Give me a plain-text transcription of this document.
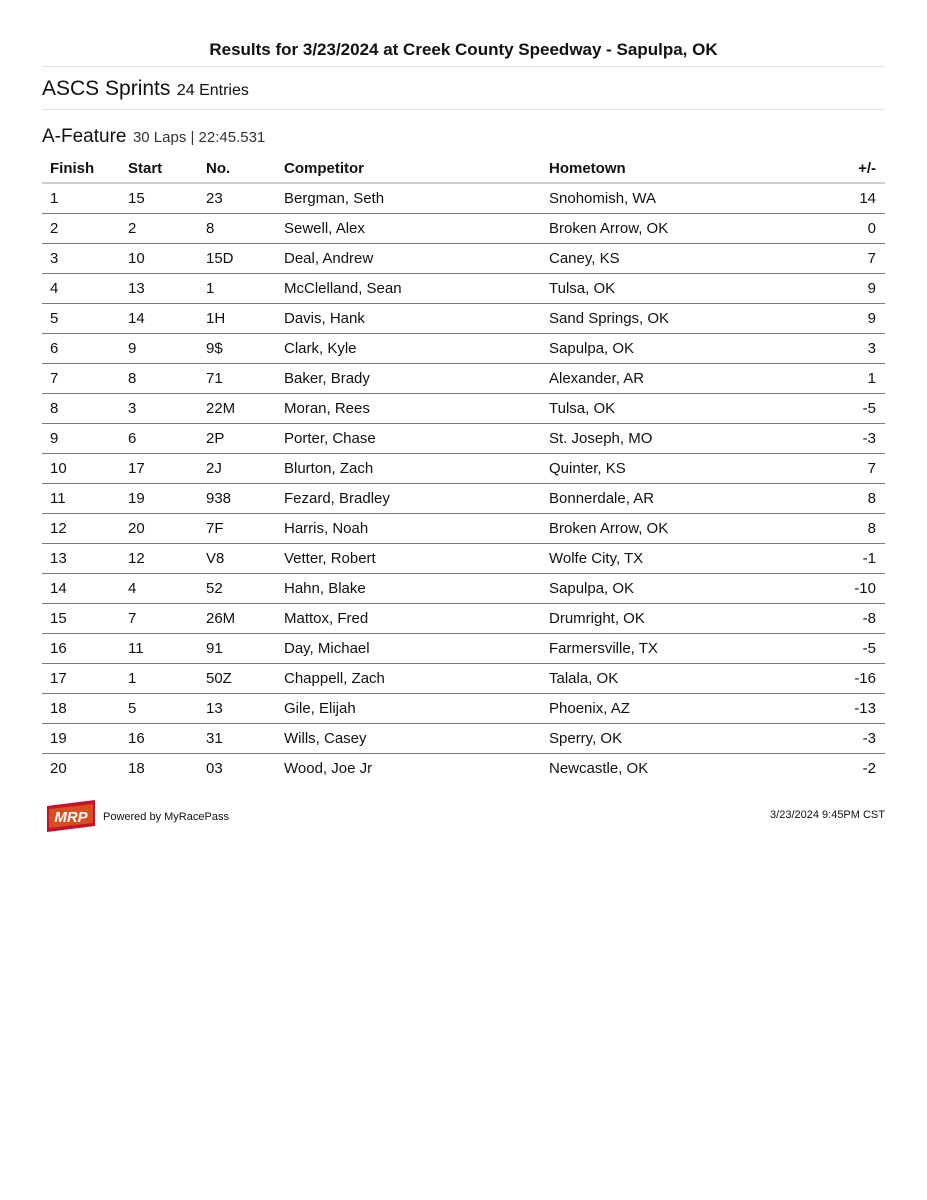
Results for 3/23/2024 at Creek County Speedway - Sapulpa, OK
ASCS Sprints 24 Entries
A-Feature 30 Laps | 22:45.531
Finish	Start	No.	Competitor	Hometown	+/-
1	15	23	Bergman, Seth	Snohomish, WA	14
2	2	8	Sewell, Alex	Broken Arrow, OK	0
3	10	15D	Deal, Andrew	Caney, KS	7
4	13	1	McClelland, Sean	Tulsa, OK	9
5	14	1H	Davis, Hank	Sand Springs, OK	9
6	9	9$	Clark, Kyle	Sapulpa, OK	3
7	8	71	Baker, Brady	Alexander, AR	1
8	3	22M	Moran, Rees	Tulsa, OK	-5
9	6	2P	Porter, Chase	St. Joseph, MO	-3
10	17	2J	Blurton, Zach	Quinter, KS	7
11	19	938	Fezard, Bradley	Bonnerdale, AR	8
12	20	7F	Harris, Noah	Broken Arrow, OK	8
13	12	V8	Vetter, Robert	Wolfe City, TX	-1
14	4	52	Hahn, Blake	Sapulpa, OK	-10
15	7	26M	Mattox, Fred	Drumright, OK	-8
16	11	91	Day, Michael	Farmersville, TX	-5
17	1	50Z	Chappell, Zach	Talala, OK	-16
18	5	13	Gile, Elijah	Phoenix, AZ	-13
19	16	31	Wills, Casey	Sperry, OK	-3
20	18	03	Wood, Joe Jr	Newcastle, OK	-2
MRP Powered by MyRacePass	3/23/2024 9:45PM CST
